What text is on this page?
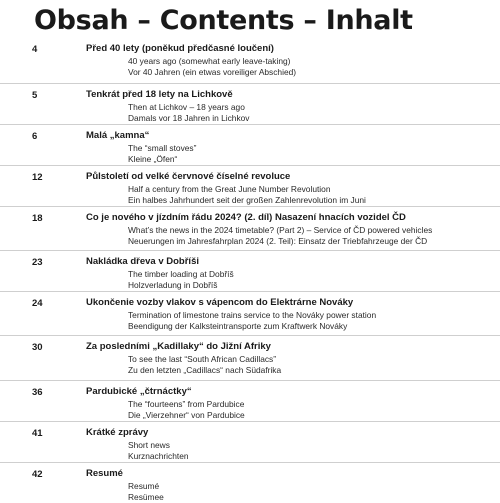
Obsah – Contents – Inhalt
4	Před 40 lety (poněkud předčasné loučení)
40 years ago (somewhat early leave-taking)
Vor 40 Jahren (ein etwas voreiliger Abschied)
5	Tenkrát před 18 lety na Lichkově
Then at Lichkov – 18 years ago
Damals vor 18 Jahren in Lichkov
6	Malá „kamna“
The “small stoves”
Kleine „Öfen“
12	Půlstoletí od velké červnové číselné revoluce
Half a century from the Great June Number Revolution
Ein halbes Jahrhundert seit der großen Zahlenrevolution im Juni
18	Co je nového v jízdním řádu 2024? (2. díl) Nasazení hnacích vozidel ČD
What’s the news in the 2024 timetable? (Part 2) – Service of ČD powered vehicles
Neuerungen im Jahresfahrplan 2024 (2. Teil): Einsatz der Triebfahrzeuge der ČD
23	Nakládka dřeva v Dobříši
The timber loading at Dobříš
Holzverladung in Dobříš
24	Ukončenie vozby vlakov s vápencom do Elektrárne Nováky
Termination of limestone trains service to the Nováky power station
Beendigung der Kalksteintransporte zum Kraftwerk Nováky
30	Za posledními „Kadillaky“ do Jižní Afriky
To see the last “South African Cadillacs”
Zu den letzten „Cadillacs“ nach Südafrika
36	Pardubické „čtrnáctky“
The “fourteens” from Pardubice
Die „Vierzehner“ von Pardubice
41	Krátké zprávy
Short news
Kurznachrichten
42	Resumé
Resumé
Resümee
